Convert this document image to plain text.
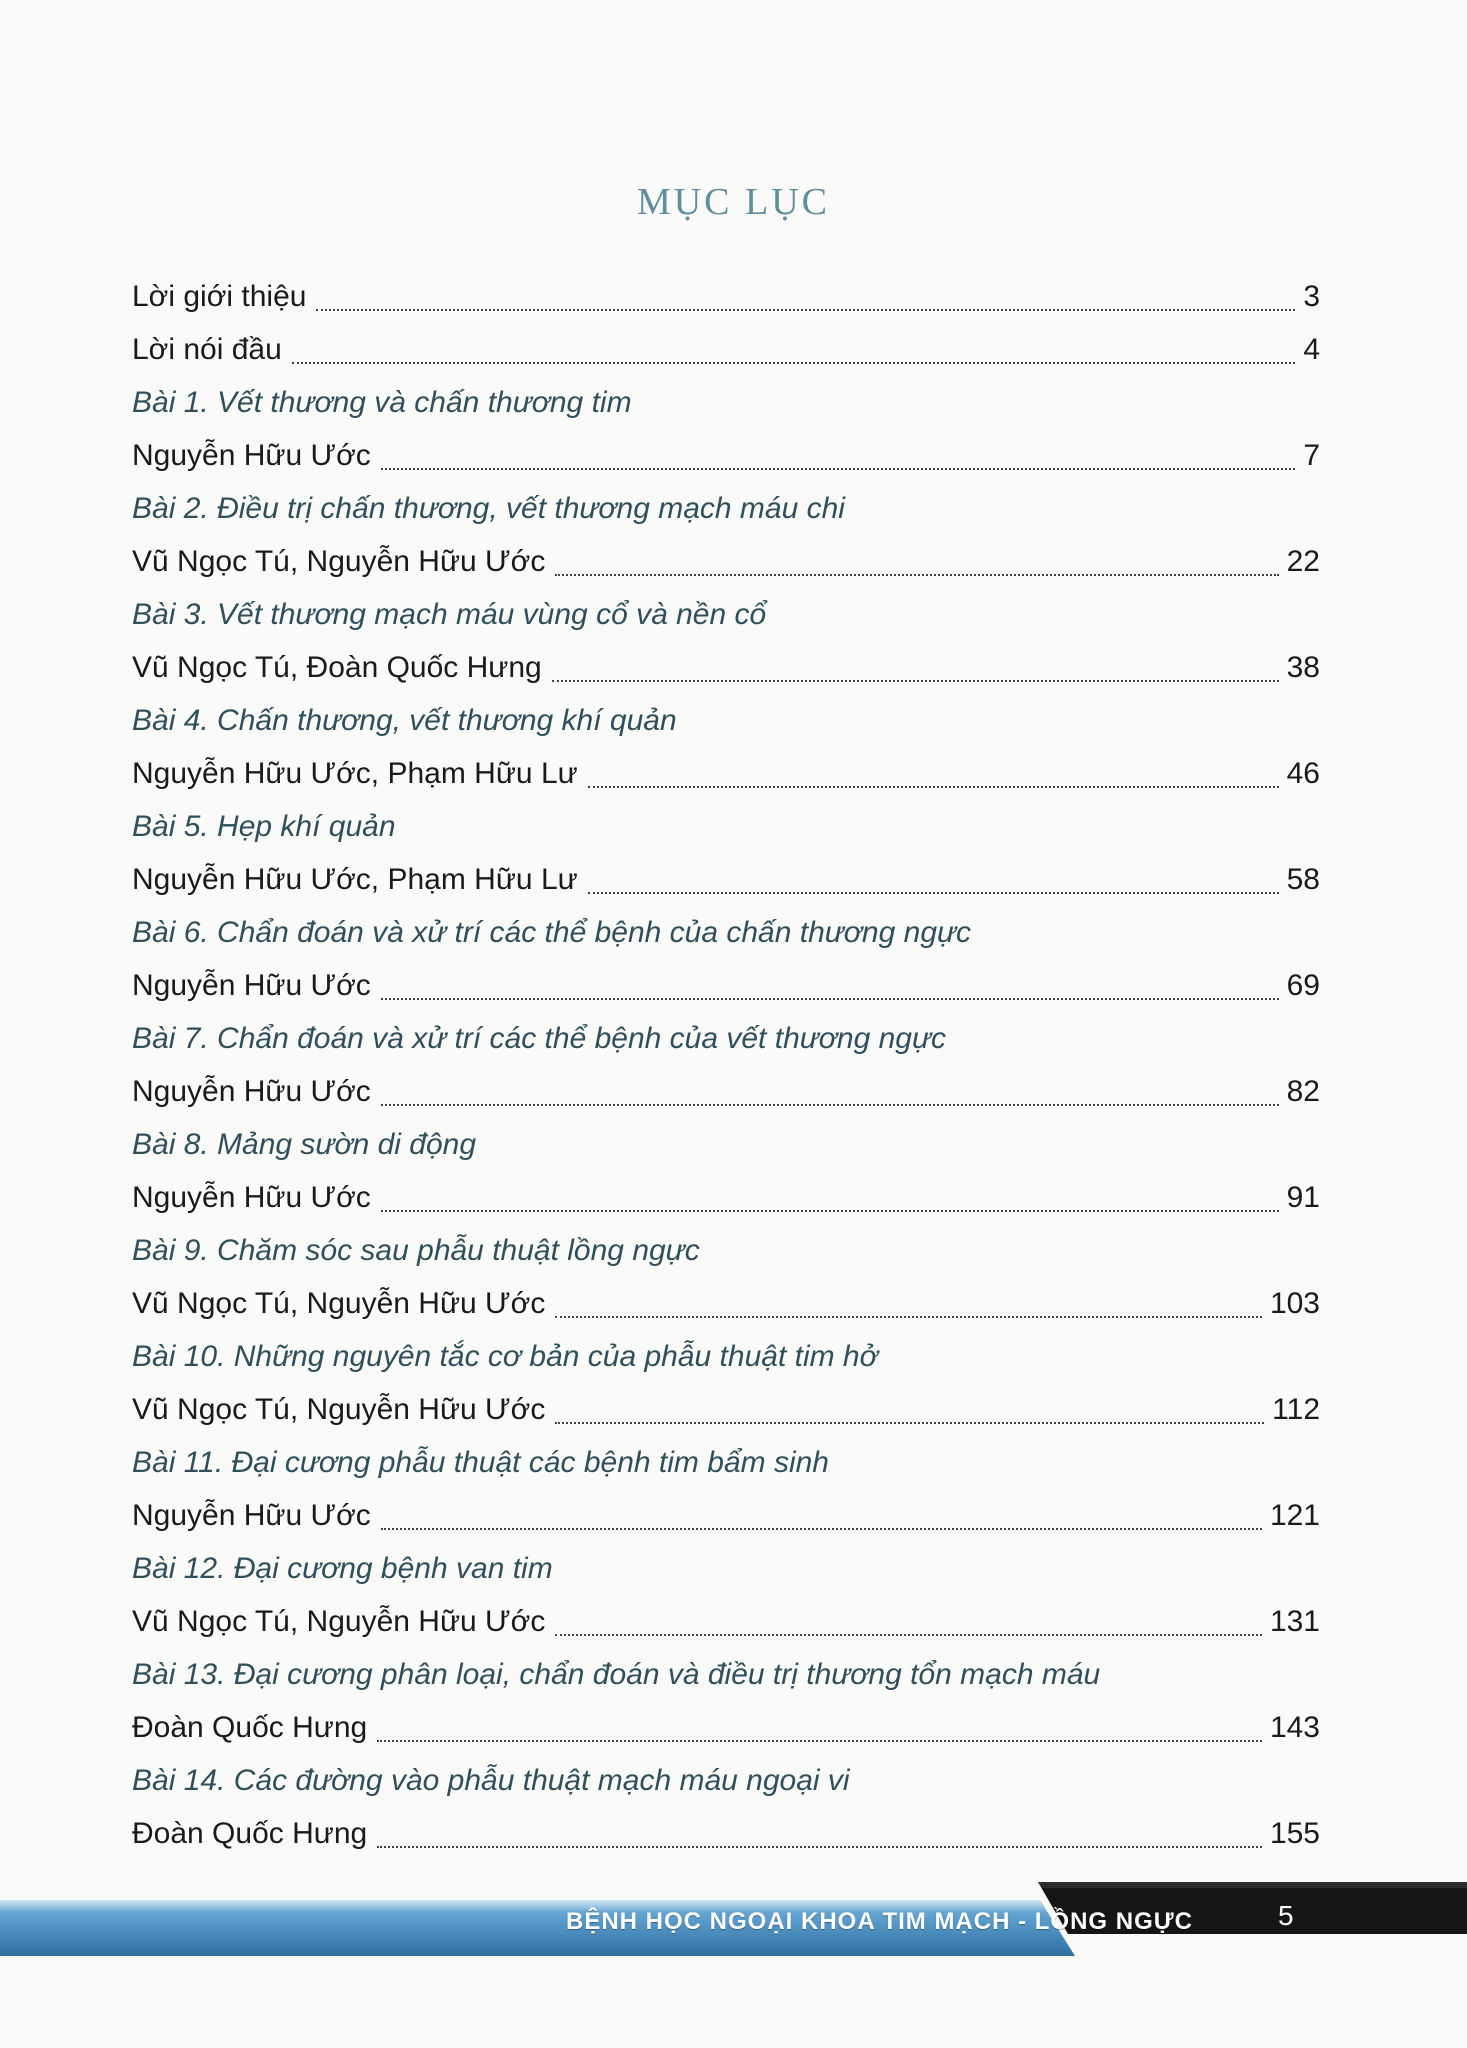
MỤC LỤC
Lời giới thiệu	3
Lời nói đầu	4
Bài 1. Vết thương và chấn thương tim
Nguyễn Hữu Ước	7
Bài 2. Điều trị chấn thương, vết thương mạch máu chi
Vũ Ngọc Tú, Nguyễn Hữu Ước	22
Bài 3. Vết thương mạch máu vùng cổ và nền cổ
Vũ Ngọc Tú, Đoàn Quốc Hưng	38
Bài 4. Chấn thương, vết thương khí quản
Nguyễn Hữu Ước, Phạm Hữu Lư	46
Bài 5. Hẹp khí quản
Nguyễn Hữu Ước, Phạm Hữu Lư	58
Bài 6. Chẩn đoán và xử trí các thể bệnh của chấn thương ngực
Nguyễn Hữu Ước	69
Bài 7. Chẩn đoán và xử trí các thể bệnh của vết thương ngực
Nguyễn Hữu Ước	82
Bài 8. Mảng sườn di động
Nguyễn Hữu Ước	91
Bài 9. Chăm sóc sau phẫu thuật lồng ngực
Vũ Ngọc Tú, Nguyễn Hữu Ước	103
Bài 10. Những nguyên tắc cơ bản của phẫu thuật tim hở
Vũ Ngọc Tú, Nguyễn Hữu Ước	112
Bài 11. Đại cương phẫu thuật các bệnh tim bẩm sinh
Nguyễn Hữu Ước	121
Bài 12. Đại cương bệnh van tim
Vũ Ngọc Tú, Nguyễn Hữu Ước	131
Bài 13. Đại cương phân loại, chẩn đoán và điều trị thương tổn mạch máu
Đoàn Quốc Hưng	143
Bài 14. Các đường vào phẫu thuật mạch máu ngoại vi
Đoàn Quốc Hưng	155
BỆNH HỌC NGOẠI KHOA TIM MẠCH - LỒNG NGỰC	5
